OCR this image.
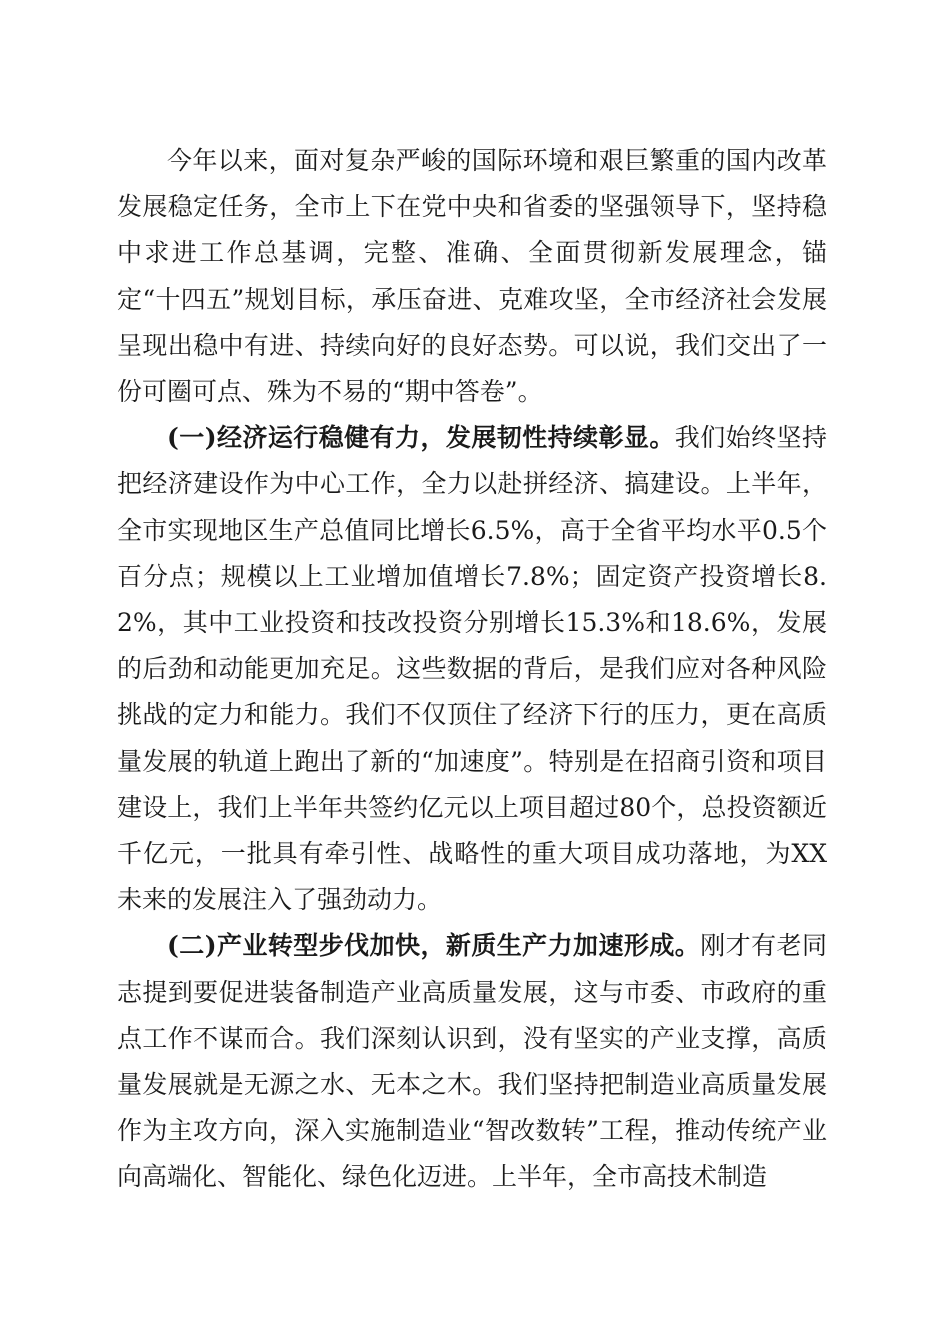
今年以来，面对复杂严峻的国际环境和艰巨繁重的国内改革发展稳定任务，全市上下在党中央和省委的坚强领导下，坚持稳中求进工作总基调，完整、准确、全面贯彻新发展理念，锚定“十四五”规划目标，承压奋进、克难攻坚，全市经济社会发展呈现出稳中有进、持续向好的良好态势。可以说，我们交出了一份可圈可点、殊为不易的“期中答卷”。

(一)经济运行稳健有力，发展韧性持续彰显。我们始终坚持把经济建设作为中心工作，全力以赴拼经济、搞建设。上半年，全市实现地区生产总值同比增长6.5%，高于全省平均水平0.5个百分点；规模以上工业增加值增长7.8%；固定资产投资增长8.2%，其中工业投资和技改投资分别增长15.3%和18.6%，发展的后劲和动能更加充足。这些数据的背后，是我们应对各种风险挑战的定力和能力。我们不仅顶住了经济下行的压力，更在高质量发展的轨道上跑出了新的“加速度”。特别是在招商引资和项目建设上，我们上半年共签约亿元以上项目超过80个，总投资额近千亿元，一批具有牵引性、战略性的重大项目成功落地，为XX未来的发展注入了强劲动力。

(二)产业转型步伐加快，新质生产力加速形成。刚才有老同志提到要促进装备制造产业高质量发展，这与市委、市政府的重点工作不谋而合。我们深刻认识到，没有坚实的产业支撑，高质量发展就是无源之水、无本之木。我们坚持把制造业高质量发展作为主攻方向，深入实施制造业“智改数转”工程，推动传统产业向高端化、智能化、绿色化迈进。上半年，全市高技术制造
